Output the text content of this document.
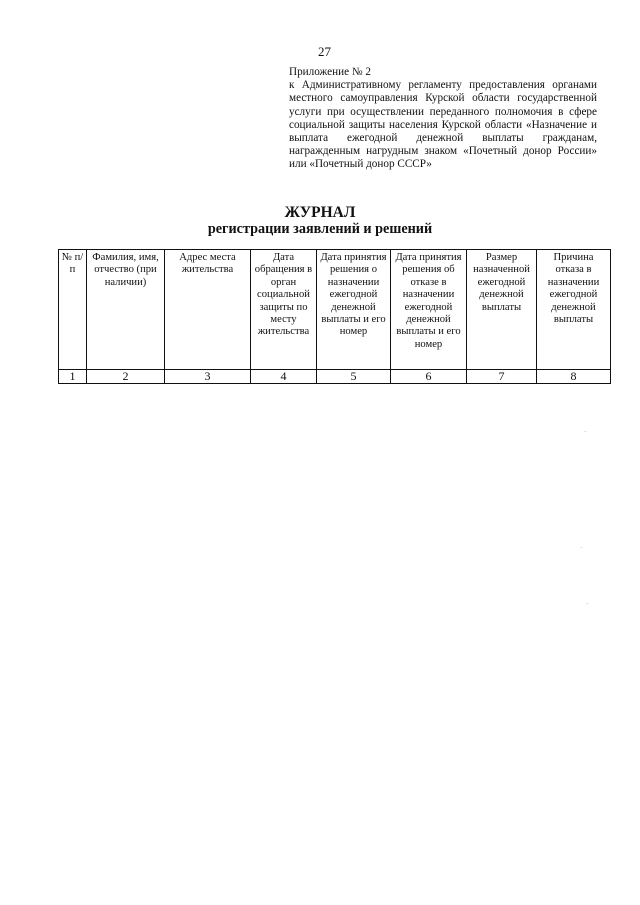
27
Приложение № 2
к Административному регламенту предоставления органами местного самоуправления Курской области государственной услуги при осуществлении переданного полномочия в сфере социальной защиты населения Курской области «Назначение и выплата ежегодной денежной выплаты гражданам, награжденным нагрудным знаком «Почетный донор России» или «Почетный донор СССР»
ЖУРНАЛ
регистрации заявлений и решений
№ п/п	Фамилия, имя, отчество (при наличии)	Адрес места жительства	Дата обращения в орган социальной защиты по месту жительства	Дата принятия решения о назначении ежегодной денежной выплаты и его номер	Дата принятия решения об отказе в назначении ежегодной денежной выплаты и его номер	Размер назначенной ежегодной денежной выплаты	Причина отказа в назначении ежегодной денежной выплаты
1	2	3	4	5	6	7	8
·
·
·
